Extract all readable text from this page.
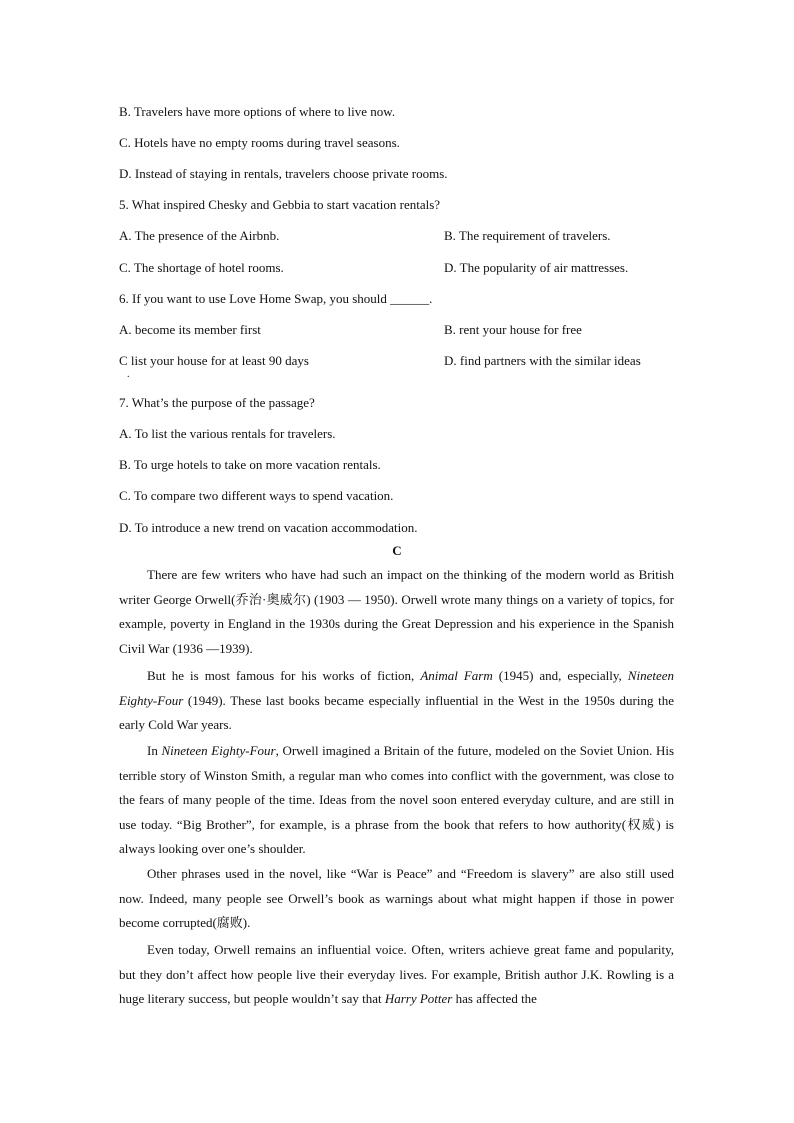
B. Travelers have more options of where to live now.
C. Hotels have no empty rooms during travel seasons.
D. Instead of staying in rentals, travelers choose private rooms.
5. What inspired Chesky and Gebbia to start vacation rentals?
A. The presence of the Airbnb.	B. The requirement of travelers.
C. The shortage of hotel rooms.	D. The popularity of air mattresses.
6. If you want to use Love Home Swap, you should ______.
A. become its member first	B. rent your house for free
C list your house for at least 90 days	D. find partners with the similar ideas
.
7. What’s the purpose of the passage?
A. To list the various rentals for travelers.
B. To urge hotels to take on more vacation rentals.
C. To compare two different ways to spend vacation.
D. To introduce a new trend on vacation accommodation.
C

There are few writers who have had such an impact on the thinking of the modern world as British writer George Orwell(乔治·奥威尔) (1903 — 1950). Orwell wrote many things on a variety of topics, for example, poverty in England in the 1930s during the Great Depression and his experience in the Spanish Civil War (1936 —1939).

But he is most famous for his works of fiction, Animal Farm (1945) and, especially, Nineteen Eighty-Four (1949). These last books became especially influential in the West in the 1950s during the early Cold War years.

In Nineteen Eighty-Four, Orwell imagined a Britain of the future, modeled on the Soviet Union. His terrible story of Winston Smith, a regular man who comes into conflict with the government, was close to the fears of many people of the time. Ideas from the novel soon entered everyday culture, and are still in use today. “Big Brother”, for example, is a phrase from the book that refers to how authority(权威) is always looking over one’s shoulder.

Other phrases used in the novel, like “War is Peace” and “Freedom is slavery” are also still used now. Indeed, many people see Orwell’s book as warnings about what might happen if those in power become corrupted(腐败).

Even today, Orwell remains an influential voice. Often, writers achieve great fame and popularity, but they don’t affect how people live their everyday lives. For example, British author J.K. Rowling is a huge literary success, but people wouldn’t say that Harry Potter has affected the
